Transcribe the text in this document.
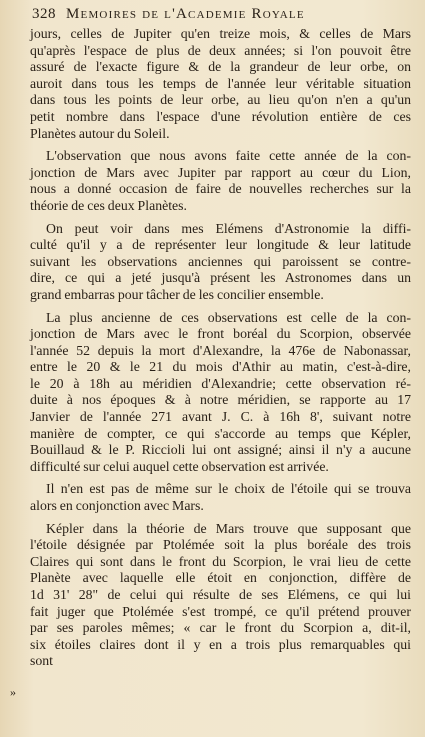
328 Memoires de l'Academie Royale

jours, celles de Jupiter qu'en treize mois, & celles de Mars

qu'après l'espace de plus de deux années; si l'on pouvoit être

assuré de l'exacte figure & de la grandeur de leur orbe, on

auroit dans tous les temps de l'année leur véritable situation

dans tous les points de leur orbe, au lieu qu'on n'en a qu'un

petit nombre dans l'espace d'une révolution entière de ces

Planètes autour du Soleil.

L'observation que nous avons faite cette année de la con-

jonction de Mars avec Jupiter par rapport au cœur du Lion,

nous a donné occasion de faire de nouvelles recherches sur la

théorie de ces deux Planètes.

On peut voir dans mes Elémens d'Astronomie la diffi-

culté qu'il y a de représenter leur longitude & leur latitude

suivant les observations anciennes qui paroissent se contre-

dire, ce qui a jeté jusqu'à présent les Astronomes dans un

grand embarras pour tâcher de les concilier ensemble.

La plus ancienne de ces observations est celle de la con-

jonction de Mars avec le front boréal du Scorpion, observée

l'année 52 depuis la mort d'Alexandre, la 476e de Nabonassar,

entre le 20 & le 21 du mois d'Athir au matin, c'est-à-dire,

le 20 à 18h au méridien d'Alexandrie; cette observation ré-

duite à nos époques & à notre méridien, se rapporte au 17

Janvier de l'année 271 avant J. C. à 16h 8', suivant notre

manière de compter, ce qui s'accorde au temps que Képler,

Bouillaud & le P. Riccioli lui ont assigné; ainsi il n'y a aucune

difficulté sur celui auquel cette observation est arrivée.

Il n'en est pas de même sur le choix de l'étoile qui se trouva

alors en conjonction avec Mars.

Képler dans la théorie de Mars trouve que supposant que

l'étoile désignée par Ptolémée soit la plus boréale des trois

Claires qui sont dans le front du Scorpion, le vrai lieu de cette

Planète avec laquelle elle étoit en conjonction, diffère de

1d 31' 28" de celui qui résulte de ses Elémens, ce qui lui

fait juger que Ptolémée s'est trompé, ce qu'il prétend prouver

par ses paroles mêmes; « car le front du Scorpion a, dit-il,

six étoiles claires dont il y en a trois plus remarquables qui

sont

»
